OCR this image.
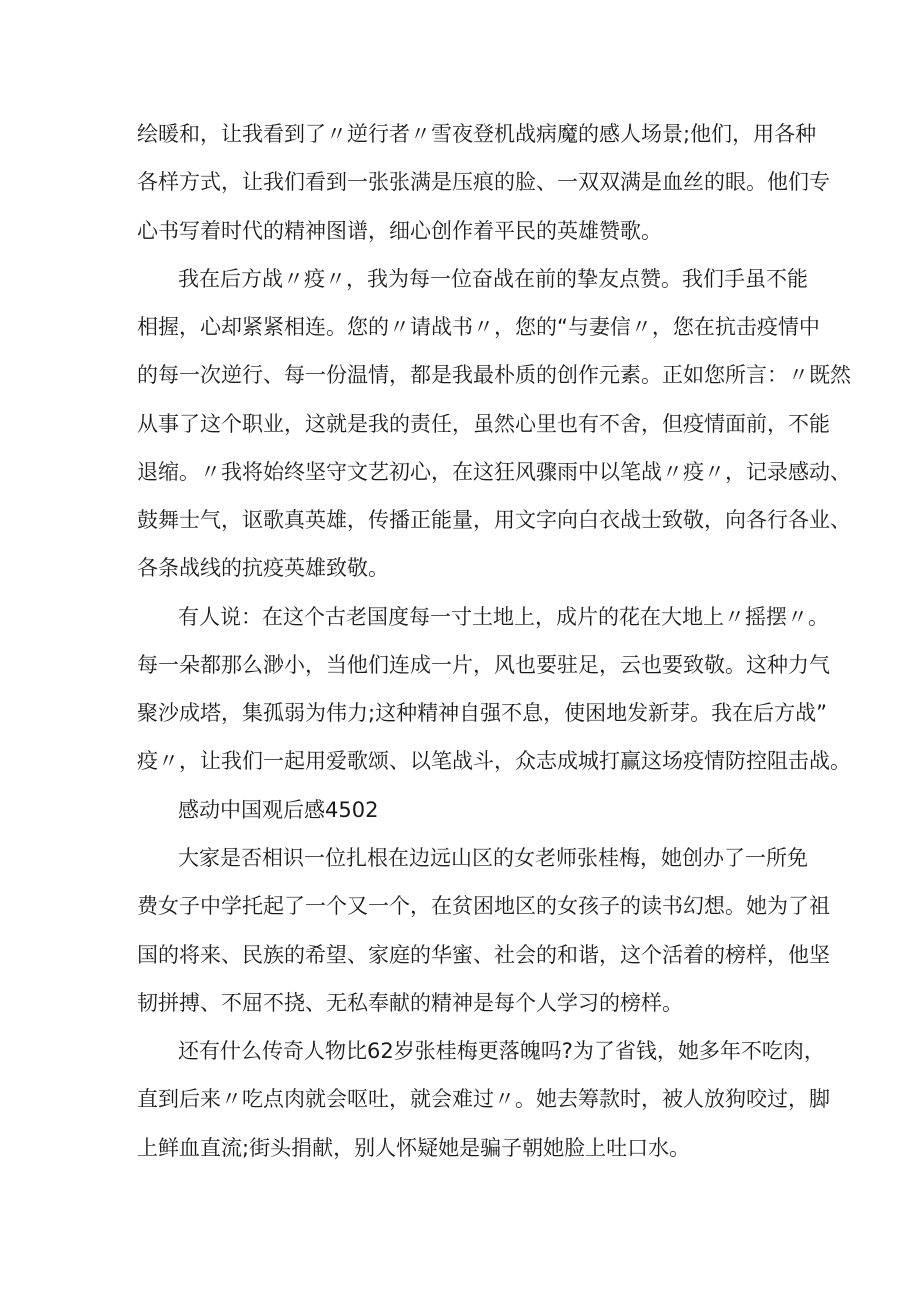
绘暖和，让我看到了〃逆行者〃雪夜登机战病魔的感人场景;他们，用各种
各样方式，让我们看到一张张满是压痕的脸、一双双满是血丝的眼。他们专
心书写着时代的精神图谱，细心创作着平民的英雄赞歌。
我在后方战〃疫〃，我为每一位奋战在前的挚友点赞。我们手虽不能
相握，心却紧紧相连。您的〃请战书〃，您的“与妻信〃，您在抗击疫情中
的每一次逆行、每一份温情，都是我最朴质的创作元素。正如您所言：〃既然
从事了这个职业，这就是我的责任，虽然心里也有不舍，但疫情面前，不能
退缩。〃我将始终坚守文艺初心，在这狂风骤雨中以笔战〃疫〃，记录感动、
鼓舞士气，讴歌真英雄，传播正能量，用文字向白衣战士致敬，向各行各业、
各条战线的抗疫英雄致敬。
有人说：在这个古老国度每一寸土地上，成片的花在大地上〃摇摆〃。
每一朵都那么渺小，当他们连成一片，风也要驻足，云也要致敬。这种力气
聚沙成塔，集孤弱为伟力;这种精神自强不息，使困地发新芽。我在后方战”
疫〃，让我们一起用爱歌颂、以笔战斗，众志成城打赢这场疫情防控阻击战。
感动中国观后感4502
大家是否相识一位扎根在边远山区的女老师张桂梅，她创办了一所免
费女子中学托起了一个又一个，在贫困地区的女孩子的读书幻想。她为了祖
国的将来、民族的希望、家庭的华蜜、社会的和谐，这个活着的榜样，他坚
韧拼搏、不屈不挠、无私奉献的精神是每个人学习的榜样。
还有什么传奇人物比62岁张桂梅更落魄吗?为了省钱，她多年不吃肉，
直到后来〃吃点肉就会呕吐，就会难过〃。她去筹款时，被人放狗咬过，脚
上鲜血直流;街头捐献，别人怀疑她是骗子朝她脸上吐口水。
